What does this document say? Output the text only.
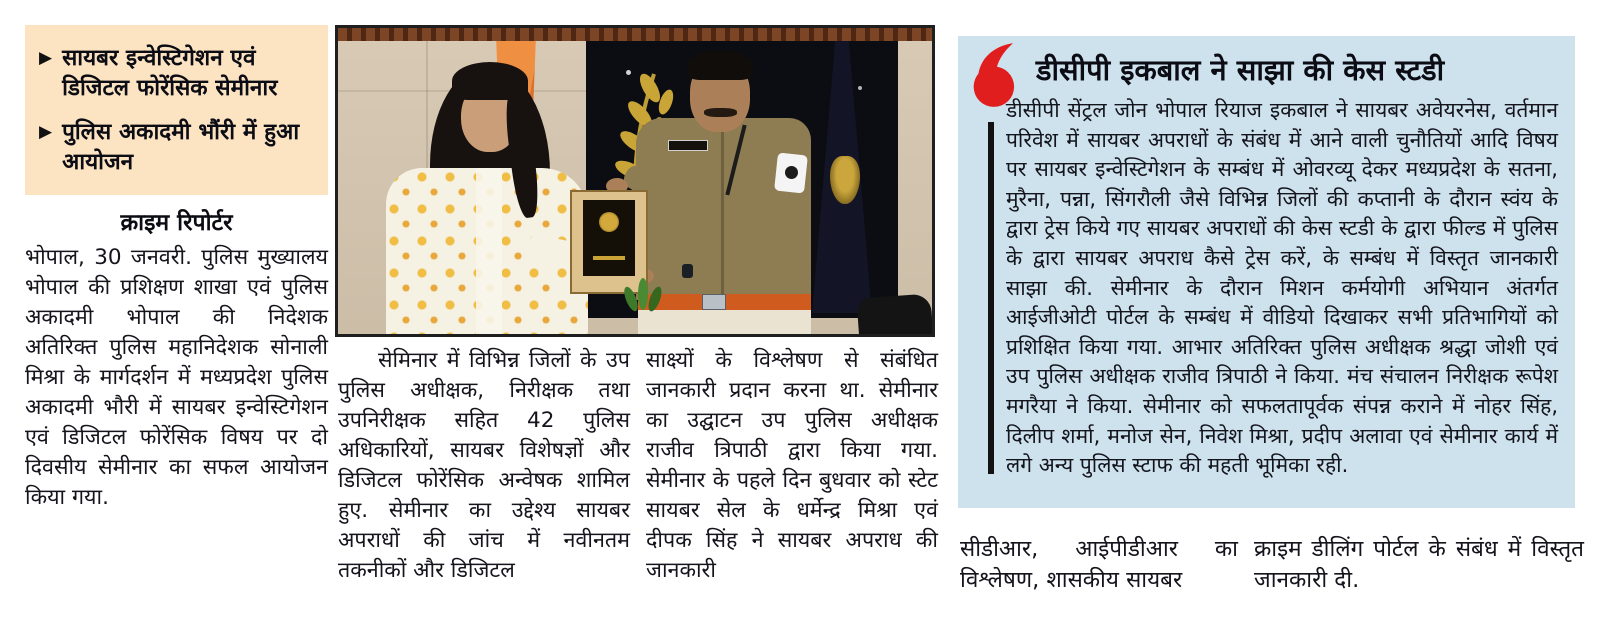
▶ सायबर इन्वेस्टिगेशन एवं डिजिटल फोरेंसिक सेमीनार
▶ पुलिस अकादमी भौंरी में हुआ आयोजन
क्राइम रिपोर्टर

भोपाल, 30 जनवरी. पुलिस मुख्यालय भोपाल की प्रशिक्षण शाखा एवं पुलिस अकादमी भोपाल की निदेशक अतिरिक्त पुलिस महानिदेशक सोनाली मिश्रा के मार्गदर्शन में मध्यप्रदेश पुलिस अकादमी भौरी में सायबर इन्वेस्टिगेशन एवं डिजिटल फोरेंसिक विषय पर दो दिवसीय सेमीनार का सफल आयोजन किया गया.

सेमिनार में विभिन्न जिलों के उप पुलिस अधीक्षक, निरीक्षक तथा उपनिरीक्षक सहित 42 पुलिस अधिकारियों, सायबर विशेषज्ञों और डिजिटल फोरेंसिक अन्वेषक शामिल हुए. सेमीनार का उद्देश्य सायबर अपराधों की जांच में नवीनतम तकनीकों और डिजिटल

साक्ष्यों के विश्लेषण से संबंधित जानकारी प्रदान करना था. सेमीनार का उद्घाटन उप पुलिस अधीक्षक राजीव त्रिपाठी द्वारा किया गया. सेमीनार के पहले दिन बुधवार को स्टेट सायबर सेल के धर्मेन्द्र मिश्रा एवं दीपक सिंह ने सायबर अपराध की जानकारी

डीसीपी इकबाल ने साझा की केस स्टडी

डीसीपी सेंट्रल जोन भोपाल रियाज इकबाल ने सायबर अवेयरनेस, वर्तमान परिवेश में सायबर अपराधों के संबंध में आने वाली चुनौतियों आदि विषय पर सायबर इन्वेस्टिगेशन के सम्बंध में ओवरव्यू देकर मध्यप्रदेश के सतना, मुरैना, पन्ना, सिंगरौली जैसे विभिन्न जिलों की कप्तानी के दौरान स्वंय के द्वारा ट्रेस किये गए सायबर अपराधों की केस स्टडी के द्वारा फील्ड में पुलिस के द्वारा सायबर अपराध कैसे ट्रेस करें, के सम्बंध में विस्तृत जानकारी साझा की. सेमीनार के दौरान मिशन कर्मयोगी अभियान अंतर्गत आईजीओटी पोर्टल के सम्बंध में वीडियो दिखाकर सभी प्रतिभागियों को प्रशिक्षित किया गया. आभार अतिरिक्त पुलिस अधीक्षक श्रद्धा जोशी एवं उप पुलिस अधीक्षक राजीव त्रिपाठी ने किया. मंच संचालन निरीक्षक रूपेश मगरैया ने किया. सेमीनार को सफलतापूर्वक संपन्न कराने में नोहर सिंह, दिलीप शर्मा, मनोज सेन, निवेश मिश्रा, प्रदीप अलावा एवं सेमीनार कार्य में लगे अन्य पुलिस स्टाफ की महती भूमिका रही.

सीडीआर, आईपीडीआर का विश्लेषण, शासकीय सायबर

क्राइम डीलिंग पोर्टल के संबंध में विस्तृत जानकारी दी.
